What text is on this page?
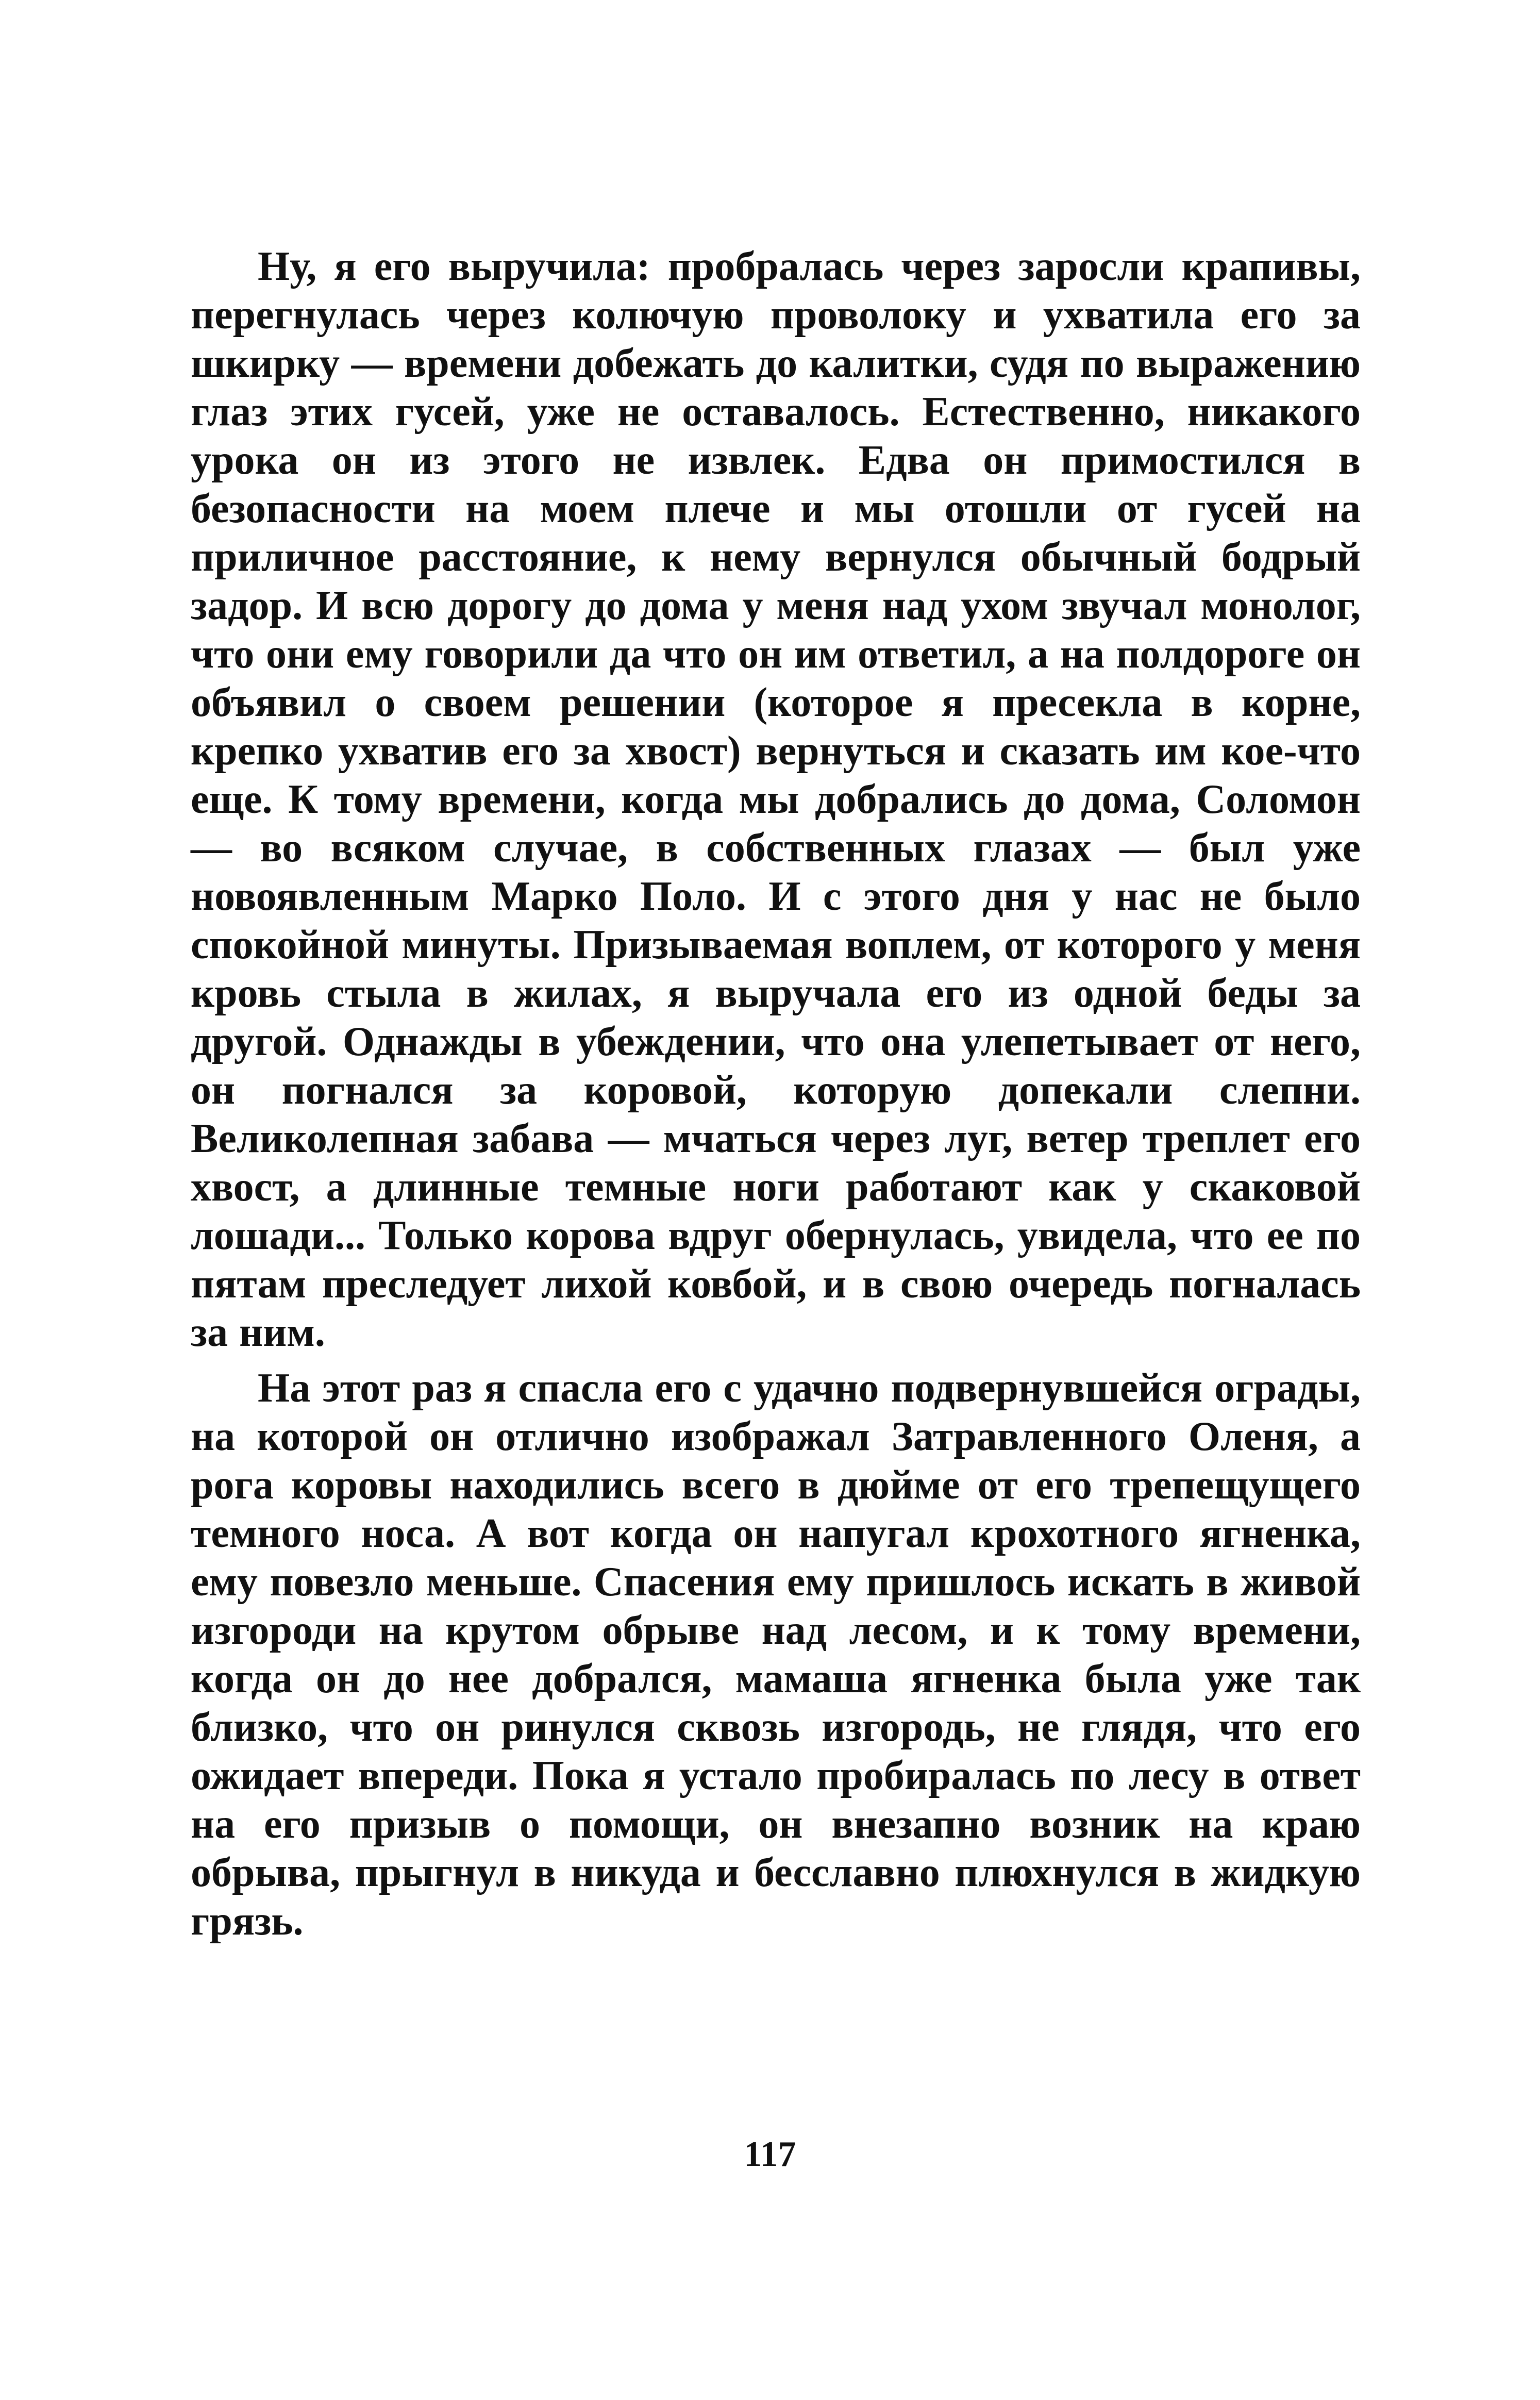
Ну, я его выручила: пробралась через заросли крапивы, перегнулась через колючую проволоку и ухватила его за шкирку — времени добежать до калитки, судя по выражению глаз этих гусей, уже не оставалось. Естественно, никакого урока он из этого не извлек. Едва он примостился в безопасности на моем плече и мы отошли от гусей на приличное расстояние, к нему вернулся обычный бодрый задор. И всю дорогу до дома у меня над ухом звучал монолог, что они ему говорили да что он им ответил, а на полдороге он объявил о своем решении (которое я пресекла в корне, крепко ухватив его за хвост) вернуться и сказать им кое-что еще. К тому времени, когда мы добрались до дома, Соломон — во всяком случае, в собственных глазах — был уже новоявленным Марко Поло. И с этого дня у нас не было спокойной минуты. Призываемая воплем, от которого у меня кровь стыла в жилах, я выручала его из одной беды за другой. Однажды в убеждении, что она улепетывает от него, он погнался за коровой, которую допекали слепни. Великолепная забава — мчаться через луг, ветер треплет его хвост, а длинные темные ноги работают как у скаковой лошади... Только корова вдруг обернулась, увидела, что ее по пятам преследует лихой ковбой, и в свою очередь погналась за ним.

На этот раз я спасла его с удачно подвернувшейся ограды, на которой он отлично изображал Затравленного Оленя, а рога коровы находились всего в дюйме от его трепещущего темного носа. А вот когда он напугал крохотного ягненка, ему повезло меньше. Спасения ему пришлось искать в живой изгороди на крутом обрыве над лесом, и к тому времени, когда он до нее добрался, мамаша ягненка была уже так близко, что он ринулся сквозь изгородь, не глядя, что его ожидает впереди. Пока я устало пробиралась по лесу в ответ на его призыв о помощи, он внезапно возник на краю обрыва, прыгнул в никуда и бесславно плюхнулся в жидкую грязь.

117
